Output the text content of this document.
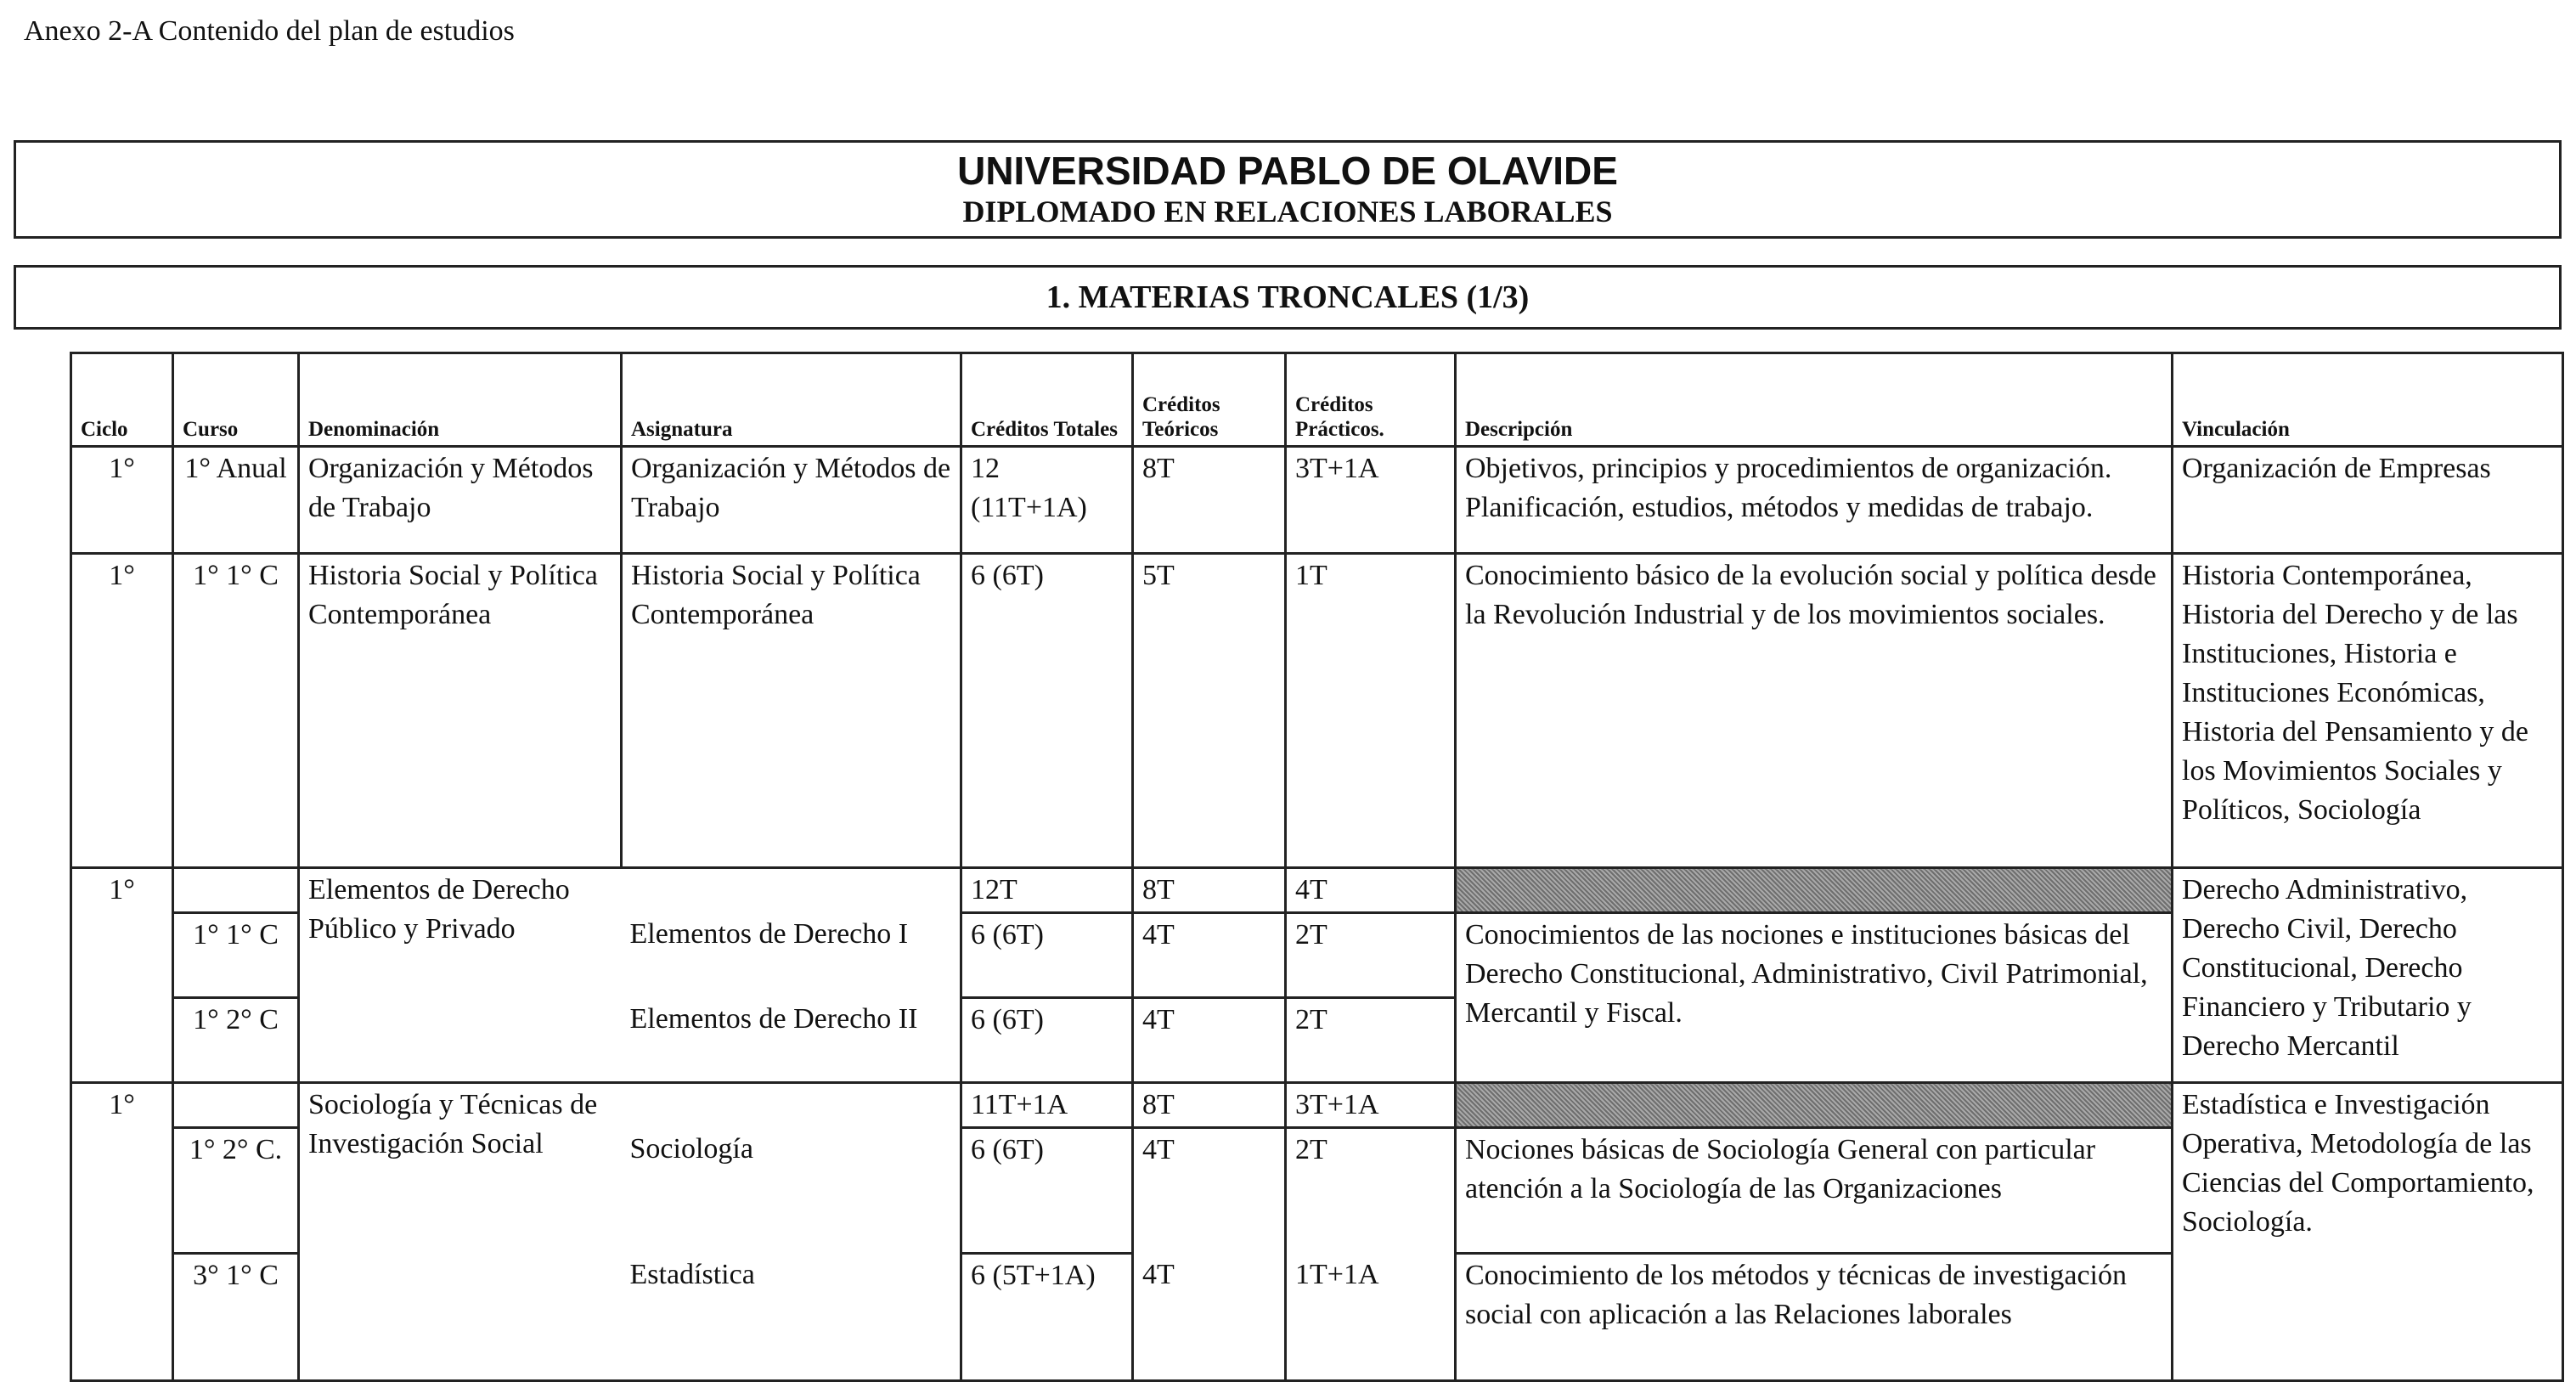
Anexo 2-A Contenido del plan de estudios
UNIVERSIDAD PABLO DE OLAVIDE
DIPLOMADO EN RELACIONES LABORALES
1. MATERIAS TRONCALES (1/3)
Ciclo	Curso	Denominación	Asignatura	Créditos Totales	Créditos Teóricos	Créditos Prácticos.	Descripción	Vinculación
1°	1° Anual	Organización y Métodos de Trabajo	Organización y Métodos de Trabajo	12 (11T+1A)	8T	3T+1A	Objetivos, principios y procedimientos de organización. Planificación, estudios, métodos y medidas de trabajo.	Organización de Empresas
1°	1° 1° C	Historia Social y Política Contemporánea	Historia Social y Política Contemporánea	6 (6T)	5T	1T	Conocimiento básico de la evolución social y política desde la Revolución Industrial y de los movimientos sociales.	Historia Contemporánea, Historia del Derecho y de las Instituciones, Historia e Instituciones Económicas, Historia del Pensamiento y de los Movimientos Sociales y Políticos, Sociología
1°		Elementos de Derecho Público y Privado		12T	8T	4T		Derecho Administrativo, Derecho Civil, Derecho Constitucional, Derecho Financiero y Tributario y Derecho Mercantil
	1° 1° C		Elementos de Derecho I	6 (6T)	4T	2T	Conocimientos de las nociones e instituciones básicas del Derecho Constitucional, Administrativo, Civil Patrimonial, Mercantil y Fiscal.	
	1° 2° C		Elementos de Derecho II	6 (6T)	4T	2T		
1°		Sociología y Técnicas de Investigación Social		11T+1A	8T	3T+1A		Estadística e Investigación Operativa, Metodología de las Ciencias del Comportamiento, Sociología.
	1° 2° C.		Sociología	6 (6T)	4T	2T	Nociones básicas de Sociología General con particular atención a la Sociología de las Organizaciones	
	3° 1° C		Estadística	6 (5T+1A)	4T	1T+1A	Conocimiento de los métodos y técnicas de investigación social con aplicación a las Relaciones laborales	
